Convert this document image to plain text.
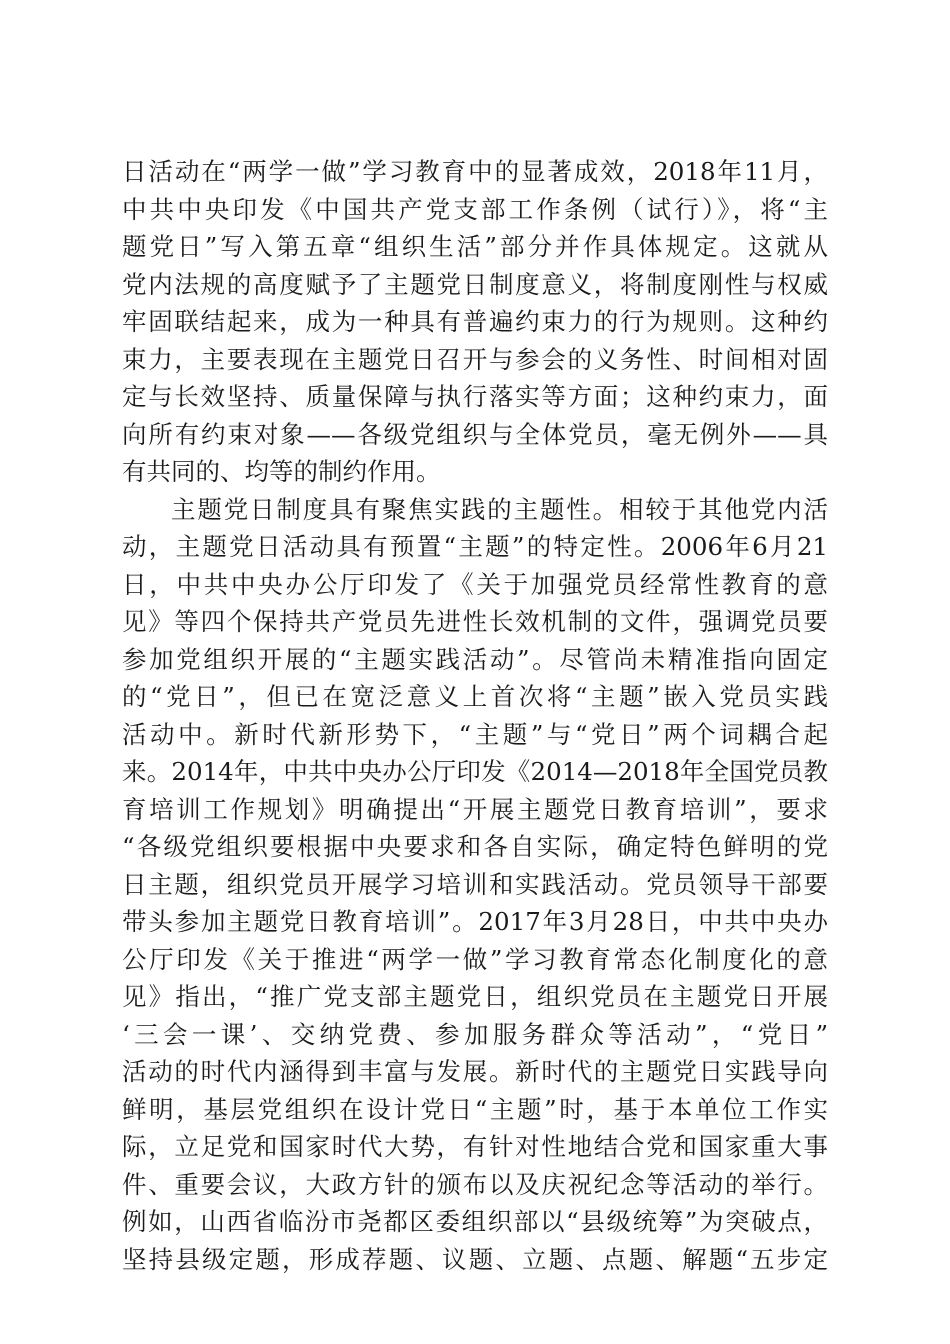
日活动在“两学一做”学习教育中的显著成效，2018年11月，
中共中央印发《中国共产党支部工作条例（试行）》，将“主
题党日”写入第五章“组织生活”部分并作具体规定。这就从
党内法规的高度赋予了主题党日制度意义，将制度刚性与权威
牢固联结起来，成为一种具有普遍约束力的行为规则。这种约
束力，主要表现在主题党日召开与参会的义务性、时间相对固
定与长效坚持、质量保障与执行落实等方面；这种约束力，面
向所有约束对象——各级党组织与全体党员，毫无例外——具
有共同的、均等的制约作用。
主题党日制度具有聚焦实践的主题性。相较于其他党内活
动，主题党日活动具有预置“主题”的特定性。2006年6月21
日，中共中央办公厅印发了《关于加强党员经常性教育的意
见》等四个保持共产党员先进性长效机制的文件，强调党员要
参加党组织开展的“主题实践活动”。尽管尚未精准指向固定
的“党日”，但已在宽泛意义上首次将“主题”嵌入党员实践
活动中。新时代新形势下，“主题”与“党日”两个词耦合起
来。2014年，中共中央办公厅印发《2014—2018年全国党员教
育培训工作规划》明确提出“开展主题党日教育培训”，要求
“各级党组织要根据中央要求和各自实际，确定特色鲜明的党
日主题，组织党员开展学习培训和实践活动。党员领导干部要
带头参加主题党日教育培训”。2017年3月28日，中共中央办
公厅印发《关于推进“两学一做”学习教育常态化制度化的意
见》指出，“推广党支部主题党日，组织党员在主题党日开展
‘三会一课’、交纳党费、参加服务群众等活动”，“党日”
活动的时代内涵得到丰富与发展。新时代的主题党日实践导向
鲜明，基层党组织在设计党日“主题”时，基于本单位工作实
际，立足党和国家时代大势，有针对性地结合党和国家重大事
件、重要会议，大政方针的颁布以及庆祝纪念等活动的举行。
例如，山西省临汾市尧都区委组织部以“县级统筹”为突破点，
坚持县级定题，形成荐题、议题、立题、点题、解题“五步定
